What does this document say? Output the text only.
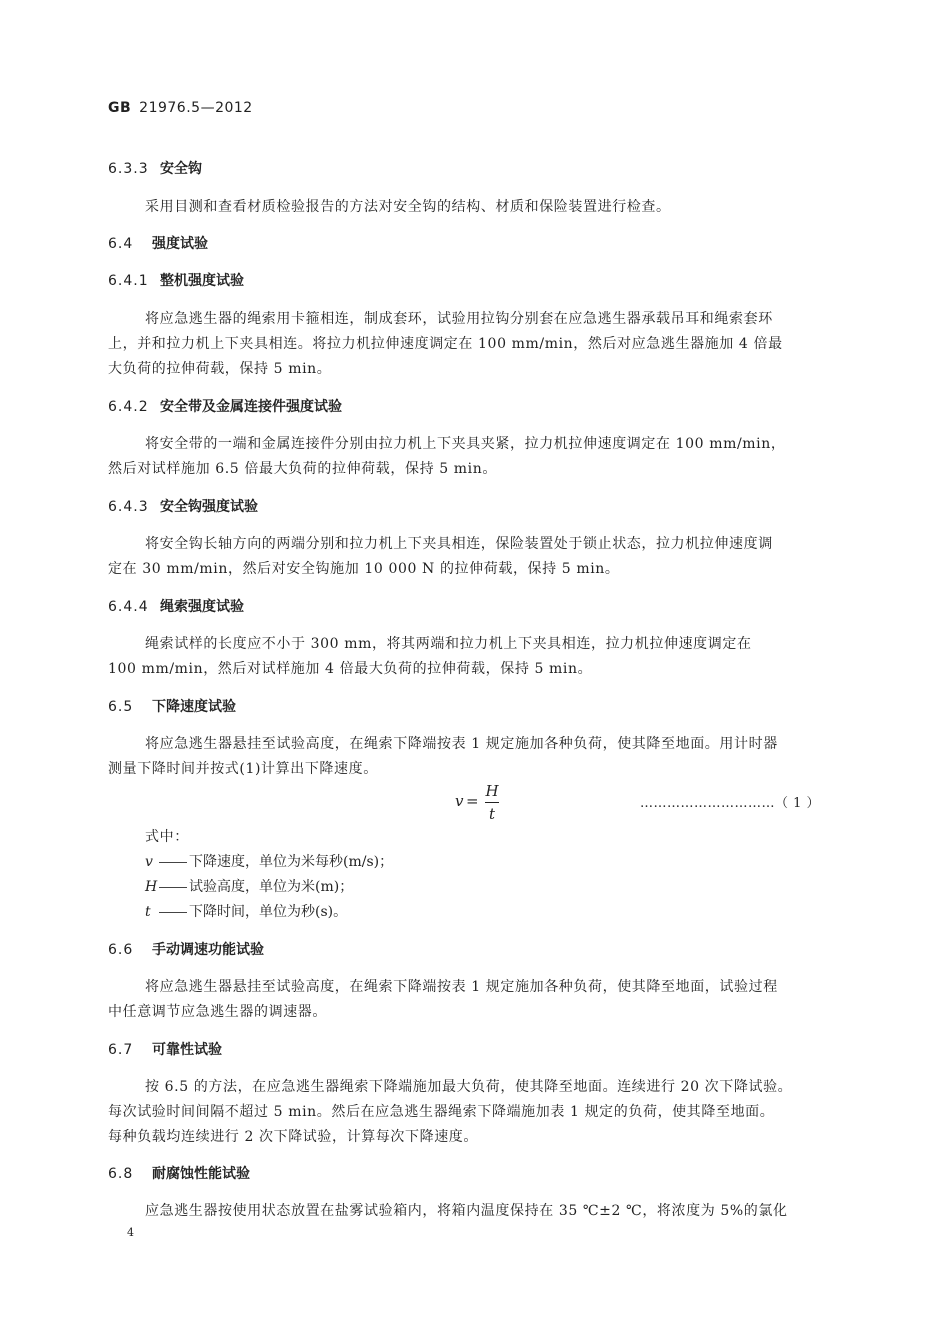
GB 21976.5—2012
6.3.3 安全钩
采用目测和查看材质检验报告的方法对安全钩的结构、材质和保险装置进行检查。
6.4 强度试验
6.4.1 整机强度试验
将应急逃生器的绳索用卡箍相连，制成套环，试验用拉钩分别套在应急逃生器承载吊耳和绳索套环
上，并和拉力机上下夹具相连。将拉力机拉伸速度调定在 100 mm/min，然后对应急逃生器施加 4 倍最
大负荷的拉伸荷载，保持 5 min。
6.4.2 安全带及金属连接件强度试验
将安全带的一端和金属连接件分别由拉力机上下夹具夹紧，拉力机拉伸速度调定在 100 mm/min，
然后对试样施加 6.5 倍最大负荷的拉伸荷载，保持 5 min。
6.4.3 安全钩强度试验
将安全钩长轴方向的两端分别和拉力机上下夹具相连，保险装置处于锁止状态，拉力机拉伸速度调
定在 30 mm/min，然后对安全钩施加 10 000 N 的拉伸荷载，保持 5 min。
6.4.4 绳索强度试验
绳索试样的长度应不小于 300 mm，将其两端和拉力机上下夹具相连，拉力机拉伸速度调定在
100 mm/min，然后对试样施加 4 倍最大负荷的拉伸荷载，保持 5 min。
6.5 下降速度试验
将应急逃生器悬挂至试验高度，在绳索下降端按表 1 规定施加各种负荷，使其降至地面。用计时器
测量下降时间并按式(1)计算出下降速度。
v =
H
t
…………………………（ 1 ）
式中：
v	下降速度，单位为米每秒(m/s)；
H 试验高度，单位为米(m)；
t	下降时间，单位为秒(s)。
6.6 手动调速功能试验
将应急逃生器悬挂至试验高度，在绳索下降端按表 1 规定施加各种负荷，使其降至地面，试验过程
中任意调节应急逃生器的调速器。
6.7 可靠性试验
按 6.5 的方法，在应急逃生器绳索下降端施加最大负荷，使其降至地面。连续进行 20 次下降试验。
每次试验时间间隔不超过 5 min。然后在应急逃生器绳索下降端施加表 1 规定的负荷，使其降至地面。
每种负载均连续进行 2 次下降试验，计算每次下降速度。
6.8 耐腐蚀性能试验
应急逃生器按使用状态放置在盐雾试验箱内，将箱内温度保持在 35 ℃±2 ℃，将浓度为 5%的氯化
4
